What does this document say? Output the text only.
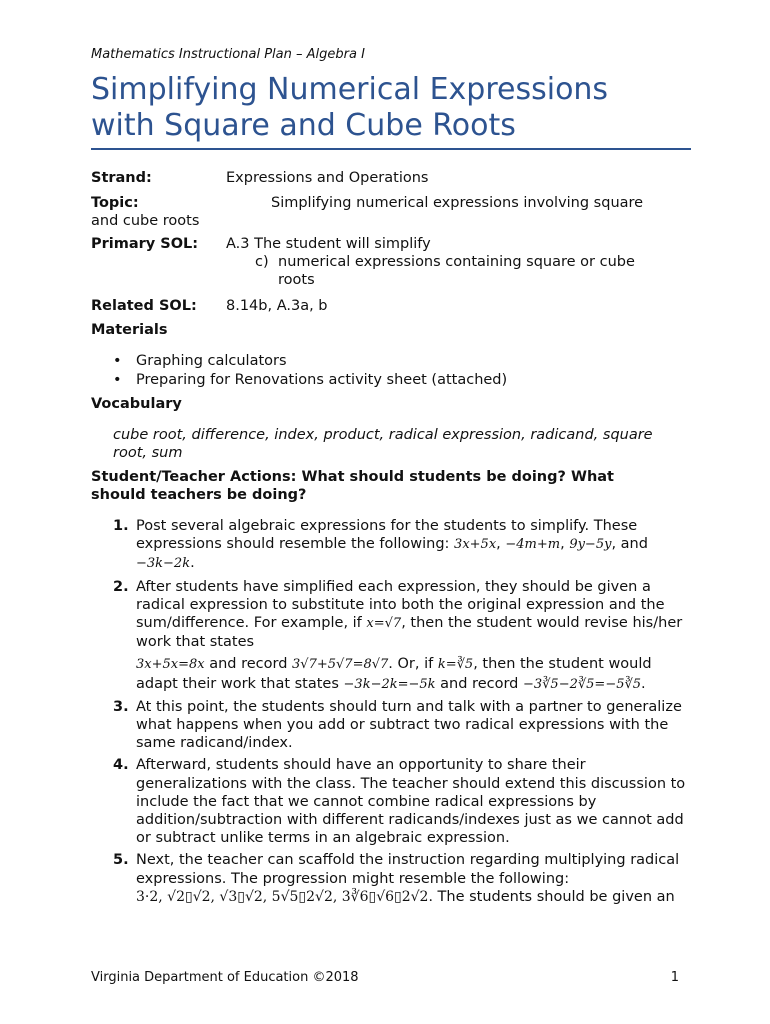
Mathematics Instructional Plan – Algebra I
Simplifying Numerical Expressions
with Square and Cube Roots
Strand:	Expressions and Operations
Topic:	Simplifying numerical expressions involving square
and cube roots
Primary SOL: A.3 The student will simplify
c) numerical expressions containing square or cube
roots
Related SOL: 8.14b, A.3a, b
Materials
• Graphing calculators
• Preparing for Renovations activity sheet (attached)
Vocabulary
cube root, difference, index, product, radical expression, radicand, square root, sum
Student/Teacher Actions: What should students be doing? What should teachers be doing?
1. Post several algebraic expressions for the students to simplify. These expressions should resemble the following: 3x+5x, −4m+m, 9y−5y, and −3k−2k.
2. After students have simplified each expression, they should be given a radical expression to substitute into both the original expression and the sum/difference. For example, if x=√7, then the student would revise his/her work that states
3x+5x=8x and record 3√7+5√7=8√7. Or, if k=∛5, then the student would adapt their work that states −3k−2k=−5k and record −3∛5−2∛5=−5∛5.
3. At this point, the students should turn and talk with a partner to generalize what happens when you add or subtract two radical expressions with the same radicand/index.
4. Afterward, students should have an opportunity to share their generalizations with the class. The teacher should extend this discussion to include the fact that we cannot combine radical expressions by addition/subtraction with different radicands/indexes just as we cannot add or subtract unlike terms in an algebraic expression.
5. Next, the teacher can scaffold the instruction regarding multiplying radical expressions. The progression might resemble the following:
3·2, √2▯√2, √3▯√2, 5√5▯2√2, 3∛6▯√6▯2√2. The students should be given an
Virginia Department of Education ©2018	1
